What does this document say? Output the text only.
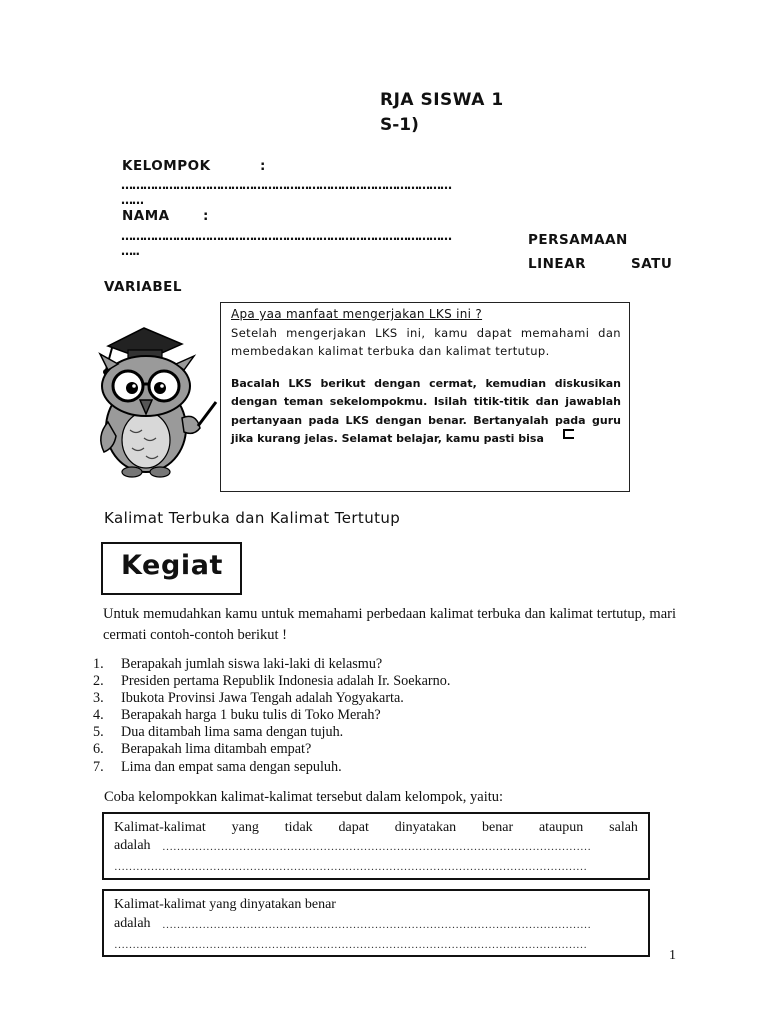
RJA SISWA 1
S-1)
KELOMPOK	:
………………………………………………………………………………
……
NAMA :
………………………………………………………………………………
…..
PERSAMAAN
LINEAR	SATU
VARIABEL
Apa yaa manfaat mengerjakan LKS ini ?
Setelah mengerjakan LKS ini, kamu dapat memahami dan membedakan kalimat terbuka dan kalimat tertutup.
Bacalah LKS berikut dengan cermat, kemudian diskusikan dengan teman sekelompokmu. Isilah titik-titik dan jawablah pertanyaan pada LKS dengan benar. Bertanyalah pada guru jika kurang jelas. Selamat belajar, kamu pasti bisa
Kalimat Terbuka dan Kalimat Tertutup
Kegiat
Untuk memudahkan kamu untuk memahami perbedaan kalimat terbuka dan kalimat tertutup, mari cermati contoh-contoh berikut !
1. Berapakah jumlah siswa laki-laki di kelasmu?
2. Presiden pertama Republik Indonesia adalah Ir. Soekarno.
3. Ibukota Provinsi Jawa Tengah adalah Yogyakarta.
4. Berapakah harga 1 buku tulis di Toko Merah?
5. Dua ditambah lima sama dengan tujuh.
6. Berapakah lima ditambah empat?
7. Lima dan empat sama dengan sepuluh.
Coba kelompokkan kalimat-kalimat tersebut dalam kelompok, yaitu:
Kalimat-kalimat yang tidak dapat dinyatakan benar ataupun salah
adalah ………………………………………………………………………………………………………
…………………………………………………………………………………………………………………
Kalimat-kalimat yang dinyatakan benar
adalah ………………………………………………………………………………………………………
…………………………………………………………………………………………………………………
1
